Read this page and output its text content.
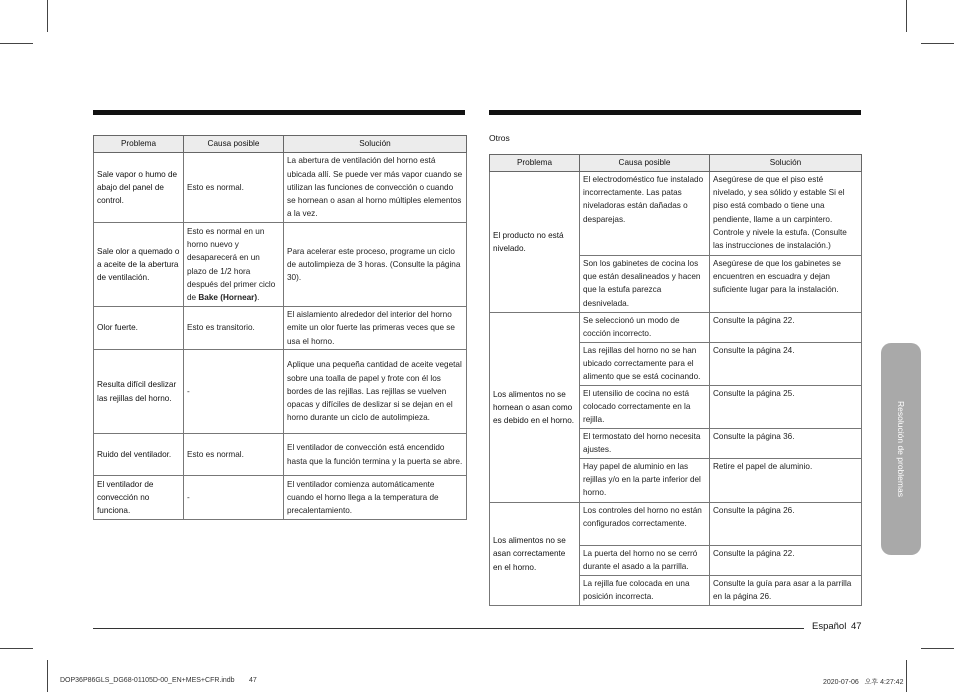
Problema	Causa posible	Solución
Sale vapor o humo de abajo del panel de control.	Esto es normal.	La abertura de ventilación del horno está ubicada allí. Se puede ver más vapor cuando se utilizan las funciones de convección o cuando se hornean o asan al horno múltiples elementos a la vez.
Sale olor a quemado o a aceite de la abertura de ventilación.	Esto es normal en un horno nuevo y desaparecerá en un plazo de 1/2 hora después del primer ciclo de Bake (Hornear).	Para acelerar este proceso, programe un ciclo de autolimpieza de 3 horas. (Consulte la página 30).
Olor fuerte.	Esto es transitorio.	El aislamiento alrededor del interior del horno emite un olor fuerte las primeras veces que se usa el horno.
Resulta difícil deslizar las rejillas del horno.	-	Aplique una pequeña cantidad de aceite vegetal sobre una toalla de papel y frote con él los bordes de las rejillas. Las rejillas se vuelven opacas y difíciles de deslizar si se dejan en el horno durante un ciclo de autolimpieza.
Ruido del ventilador.	Esto es normal.	El ventilador de convección está encendido hasta que la función termina y la puerta se abre.
El ventilador de convección no funciona.	-	El ventilador comienza automáticamente cuando el horno llega a la temperatura de precalentamiento.
Otros
Problema	Causa posible	Solución
El producto no está nivelado.	El electrodoméstico fue instalado incorrectamente. Las patas niveladoras están dañadas o desparejas.	Asegúrese de que el piso esté nivelado, y sea sólido y estable Si el piso está combado o tiene una pendiente, llame a un carpintero. Controle y nivele la estufa. (Consulte las instrucciones de instalación.)
	Son los gabinetes de cocina los que están desalineados y hacen que la estufa parezca desnivelada.	Asegúrese de que los gabinetes se encuentren en escuadra y dejan suficiente lugar para la instalación.
Los alimentos no se hornean o asan como es debido en el horno.	Se seleccionó un modo de cocción incorrecto.	Consulte la página 22.
	Las rejillas del horno no se han ubicado correctamente para el alimento que se está cocinando.	Consulte la página 24.
	El utensilio de cocina no está colocado correctamente en la rejilla.	Consulte la página 25.
	El termostato del horno necesita ajustes.	Consulte la página 36.
	Hay papel de aluminio en las rejillas y/o en la parte inferior del horno.	Retire el papel de aluminio.
Los alimentos no se asan correctamente en el horno.	Los controles del horno no están configurados correctamente.	Consulte la página 26.
	La puerta del horno no se cerró durante el asado a la parrilla.	Consulte la página 22.
	La rejilla fue colocada en una posición incorrecta.	Consulte la guía para asar a la parrilla en la página 26.
Resolución de problemas
Español 47
DOP36P86GLS_DG68-01105D-00_EN+MES+CFR.indb 47	2020-07-06   오후 4:27:42
